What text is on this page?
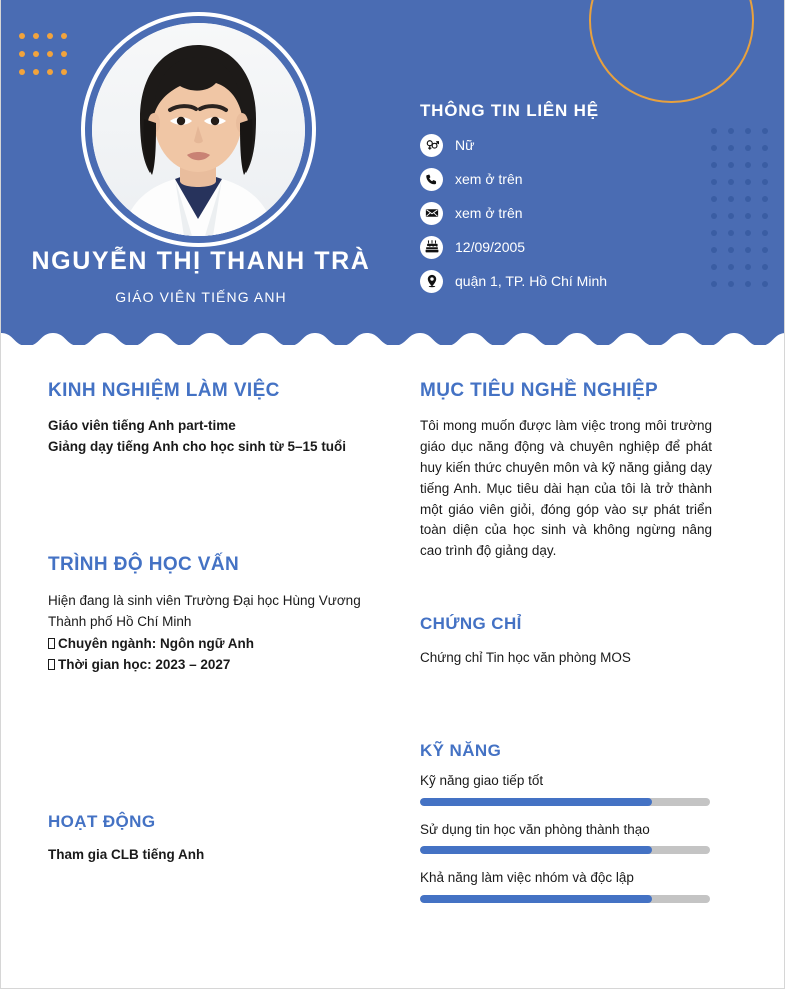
NGUYỄN THỊ THANH TRÀ
GIÁO VIÊN TIẾNG ANH
THÔNG TIN LIÊN HỆ
Nữ
xem ở trên
xem ở trên
12/09/2005
quận 1, TP. Hồ Chí Minh
KINH NGHIỆM LÀM VIỆC

Giáo viên tiếng Anh part-time

Giảng dạy tiếng Anh cho học sinh từ 5–15 tuổi

TRÌNH ĐỘ HỌC VẤN
Hiện đang là sinh viên Trường Đại học Hùng Vương Thành phố Hồ Chí Minh
Chuyên ngành: Ngôn ngữ Anh
Thời gian học: 2023 – 2027
HOẠT ĐỘNG

Tham gia CLB tiếng Anh

MỤC TIÊU NGHỀ NGHIỆP

Tôi mong muốn được làm việc trong môi trường giáo dục năng động và chuyên nghiệp để phát huy kiến thức chuyên môn và kỹ năng giảng dạy tiếng Anh. Mục tiêu dài hạn của tôi là trở thành một giáo viên giỏi, đóng góp vào sự phát triển toàn diện của học sinh và không ngừng nâng cao trình độ giảng dạy.

CHỨNG CHỈ

Chứng chỉ Tin học văn phòng MOS

KỸ NĂNG
Kỹ năng giao tiếp tốt
Sử dụng tin học văn phòng thành thạo
Khả năng làm việc nhóm và độc lập
